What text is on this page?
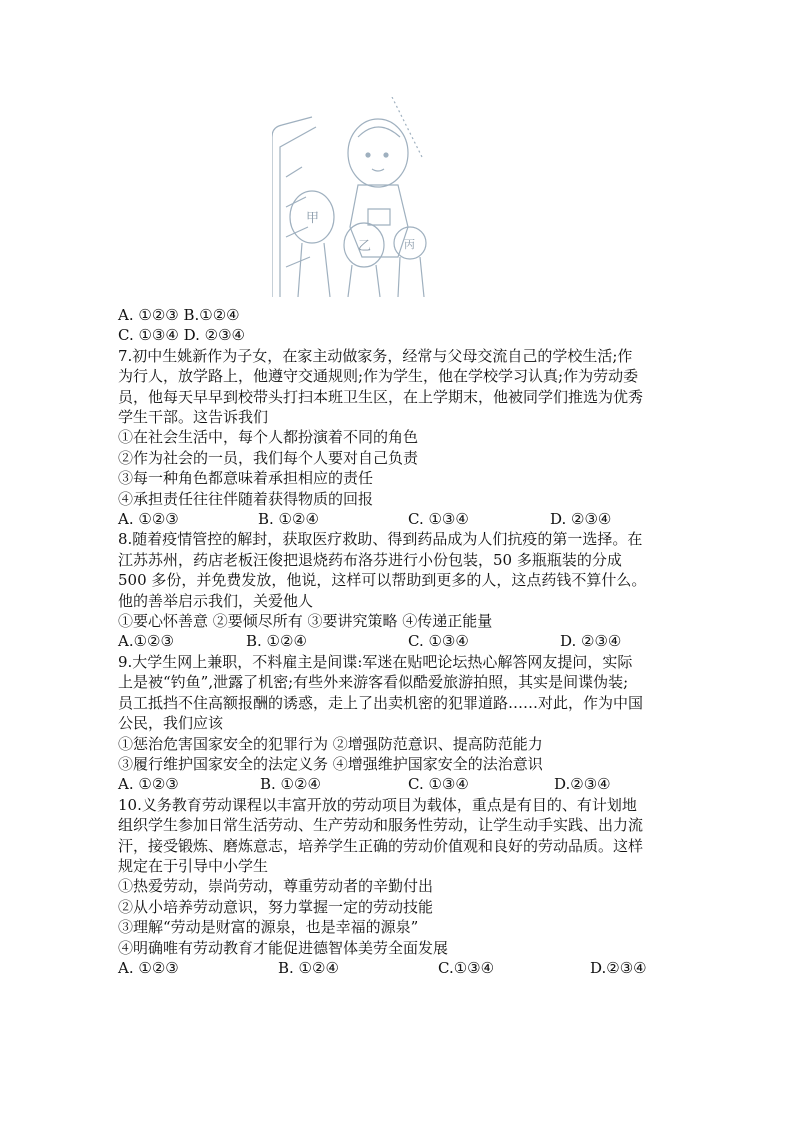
甲
乙	丙
A. ①②③ B.①②④
C. ①③④ D. ②③④
7.初中生姚新作为子女，在家主动做家务，经常与父母交流自己的学校生活;作
为行人，放学路上，他遵守交通规则;作为学生，他在学校学习认真;作为劳动委
员，他每天早早到校带头打扫本班卫生区，在上学期末，他被同学们推选为优秀
学生干部。这告诉我们
①在社会生活中，每个人都扮演着不同的角色
②作为社会的一员，我们每个人要对自己负责
③每一种角色都意味着承担相应的责任
④承担责任往往伴随着获得物质的回报
A. ①②③	B. ①②④	C. ①③④	D. ②③④
8.随着疫情管控的解封，获取医疗救助、得到药品成为人们抗疫的第一选择。在
江苏苏州，药店老板汪俊把退烧药布洛芬进行小份包装，50 多瓶瓶装的分成
500 多份，并免费发放，他说，这样可以帮助到更多的人，这点药钱不算什么。
他的善举启示我们，关爱他人
①要心怀善意 ②要倾尽所有 ③要讲究策略 ④传递正能量
A.①②③	B. ①②④	C. ①③④	D. ②③④
9.大学生网上兼职，不料雇主是间谍:军迷在贴吧论坛热心解答网友提问，实际
上是被“钓鱼”,泄露了机密;有些外来游客看似酷爱旅游拍照，其实是间谍伪装;
员工抵挡不住高额报酬的诱惑，走上了出卖机密的犯罪道路……对此，作为中国
公民，我们应该
①惩治危害国家安全的犯罪行为 ②增强防范意识、提高防范能力
③履行维护国家安全的法定义务 ④增强维护国家安全的法治意识
A. ①②③	B. ①②④	C. ①③④	D.②③④
10.义务教育劳动课程以丰富开放的劳动项目为载体，重点是有目的、有计划地
组织学生参加日常生活劳动、生产劳动和服务性劳动，让学生动手实践、出力流
汗，接受锻炼、磨炼意志，培养学生正确的劳动价值观和良好的劳动品质。这样
规定在于引导中小学生
①热爱劳动，崇尚劳动，尊重劳动者的辛勤付出
②从小培养劳动意识，努力掌握一定的劳动技能
③理解“劳动是财富的源泉，也是幸福的源泉”
④明确唯有劳动教育才能促进德智体美劳全面发展
A. ①②③	B. ①②④	C.①③④	D.②③④
